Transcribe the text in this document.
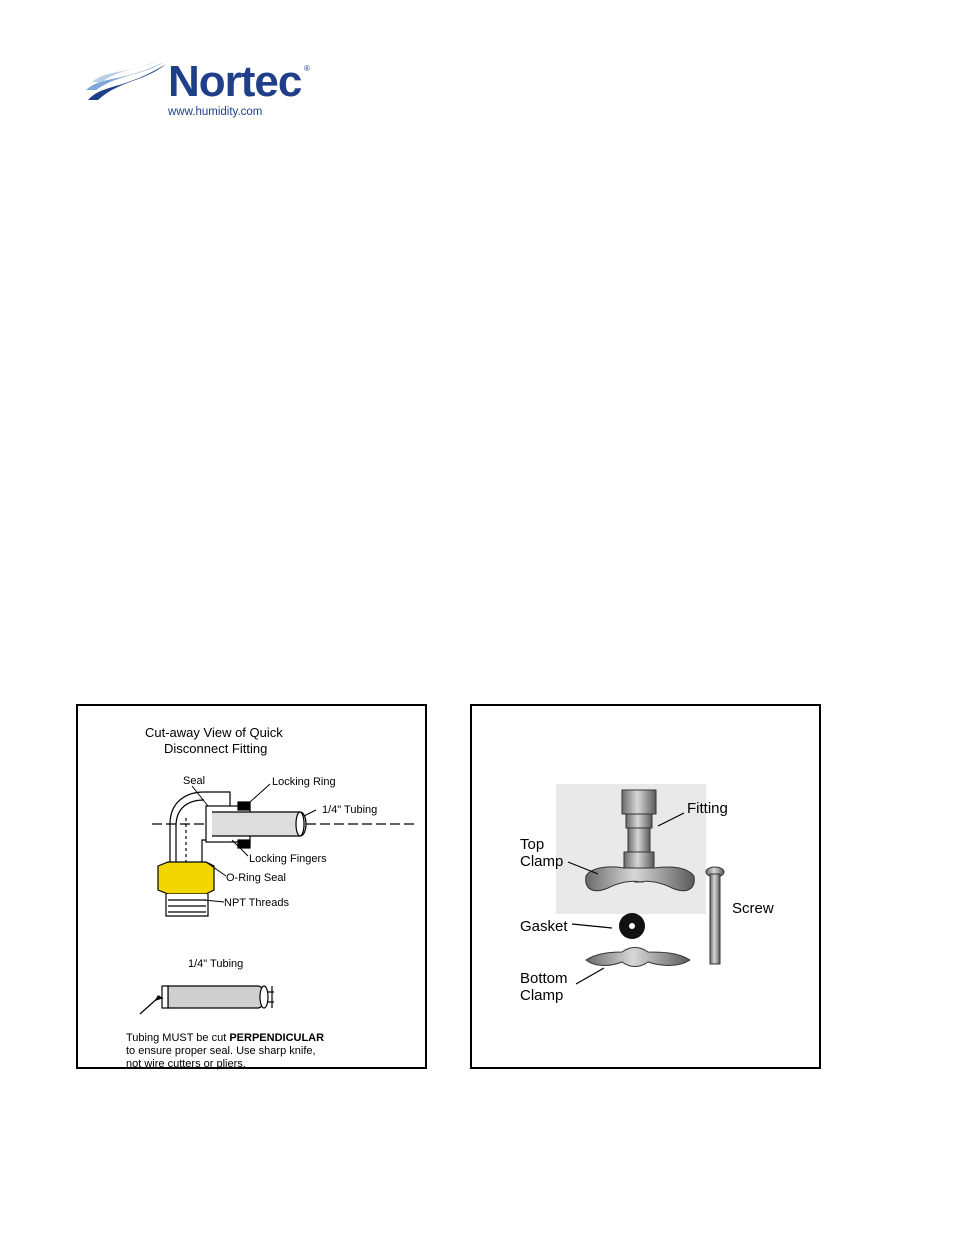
Nortec ®
www.humidity.com
Cut-away View of Quick
Disconnect Fitting
Seal	Locking Ring
1/4" Tubing
Locking Fingers
O-Ring Seal
NPT Threads
1/4" Tubing
Tubing MUST be cut PERPENDICULAR
to ensure proper seal. Use sharp knife,
not wire cutters or pliers.
Fitting
Top
Clamp
Screw
Gasket
Bottom
Clamp
